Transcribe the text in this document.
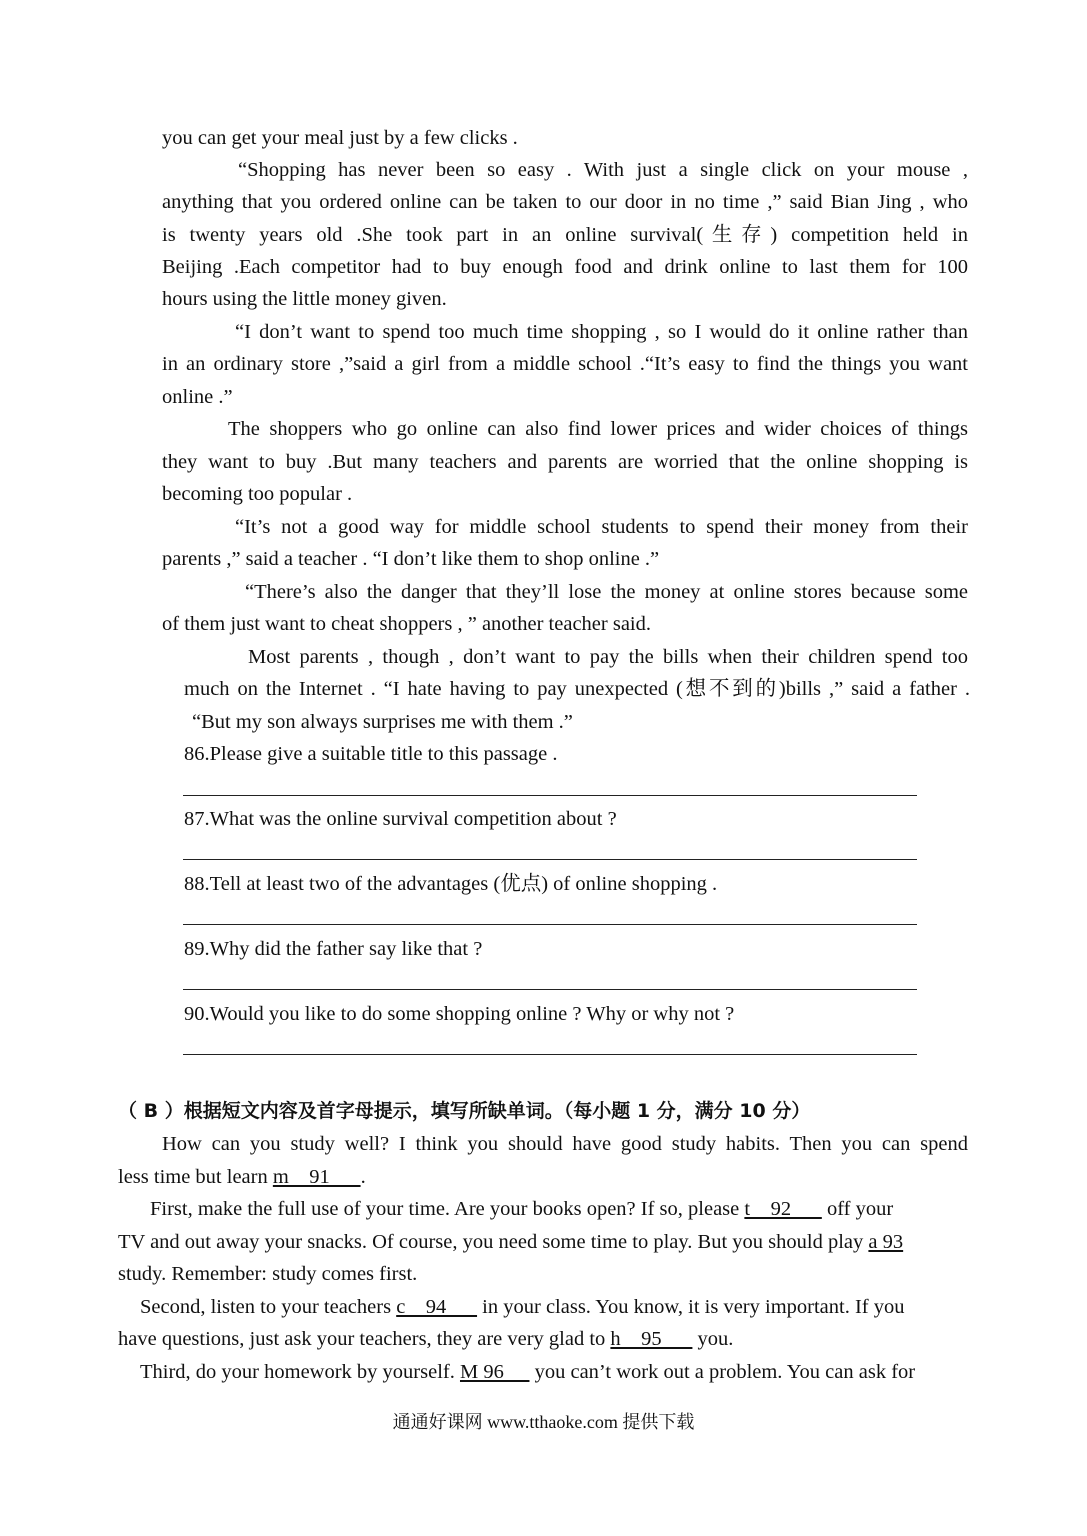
you can get your meal just by a few clicks .
“Shopping has never been so easy . With just a single click on your mouse ,
anything that you ordered online can be taken to our door in no time ,” said Bian Jing , who
is twenty years old .She took part in an online survival(生存) competition held in
Beijing .Each competitor had to buy enough food and drink online to last them for 100
hours using the little money given.
“I don’t want to spend too much time shopping , so I would do it online rather than
in an ordinary store ,”said a girl from a middle school .“It’s easy to find the things you want
online .”
The shoppers who go online can also find lower prices and wider choices of things
they want to buy .But many teachers and parents are worried that the online shopping is
becoming too popular .
“It’s not a good way for middle school students to spend their money from their
parents ,” said a teacher . “I don’t like them to shop online .”
“There’s also the danger that they’ll lose the money at online stores because some
of them just want to cheat shoppers , ” another teacher said.
Most parents , though , don’t want to pay the bills when their children spend too
much on the Internet . “I hate having to pay unexpected (想不到的)bills ,” said a father .
“But my son always surprises me with them .”
86.Please give a suitable title to this passage .
87.What was the online survival competition about ?
88.Tell at least two of the advantages (优点) of online shopping .
89.Why did the father say like that ?
90.Would you like to do some shopping online ? Why or why not ?
（ B ）根据短文内容及首字母提示，填写所缺单词。（每小题 1 分，满分 10 分）
How can you study well? I think you should have good study habits. Then you can spend
less time but learn m    91      .
First, make the full use of your time. Are your books open? If so, please t    92       off your
TV and out away your snacks. Of course, you need some time to play. But you should play a 93
study. Remember: study comes first.
Second, listen to your teachers c    94       in your class. You know, it is very important. If you
have questions, just ask your teachers, they are very glad to h    95       you.
Third, do your homework by yourself. M 96      you can’t work out a problem. You can ask for
通通好课网 www.tthaoke.com 提供下载
